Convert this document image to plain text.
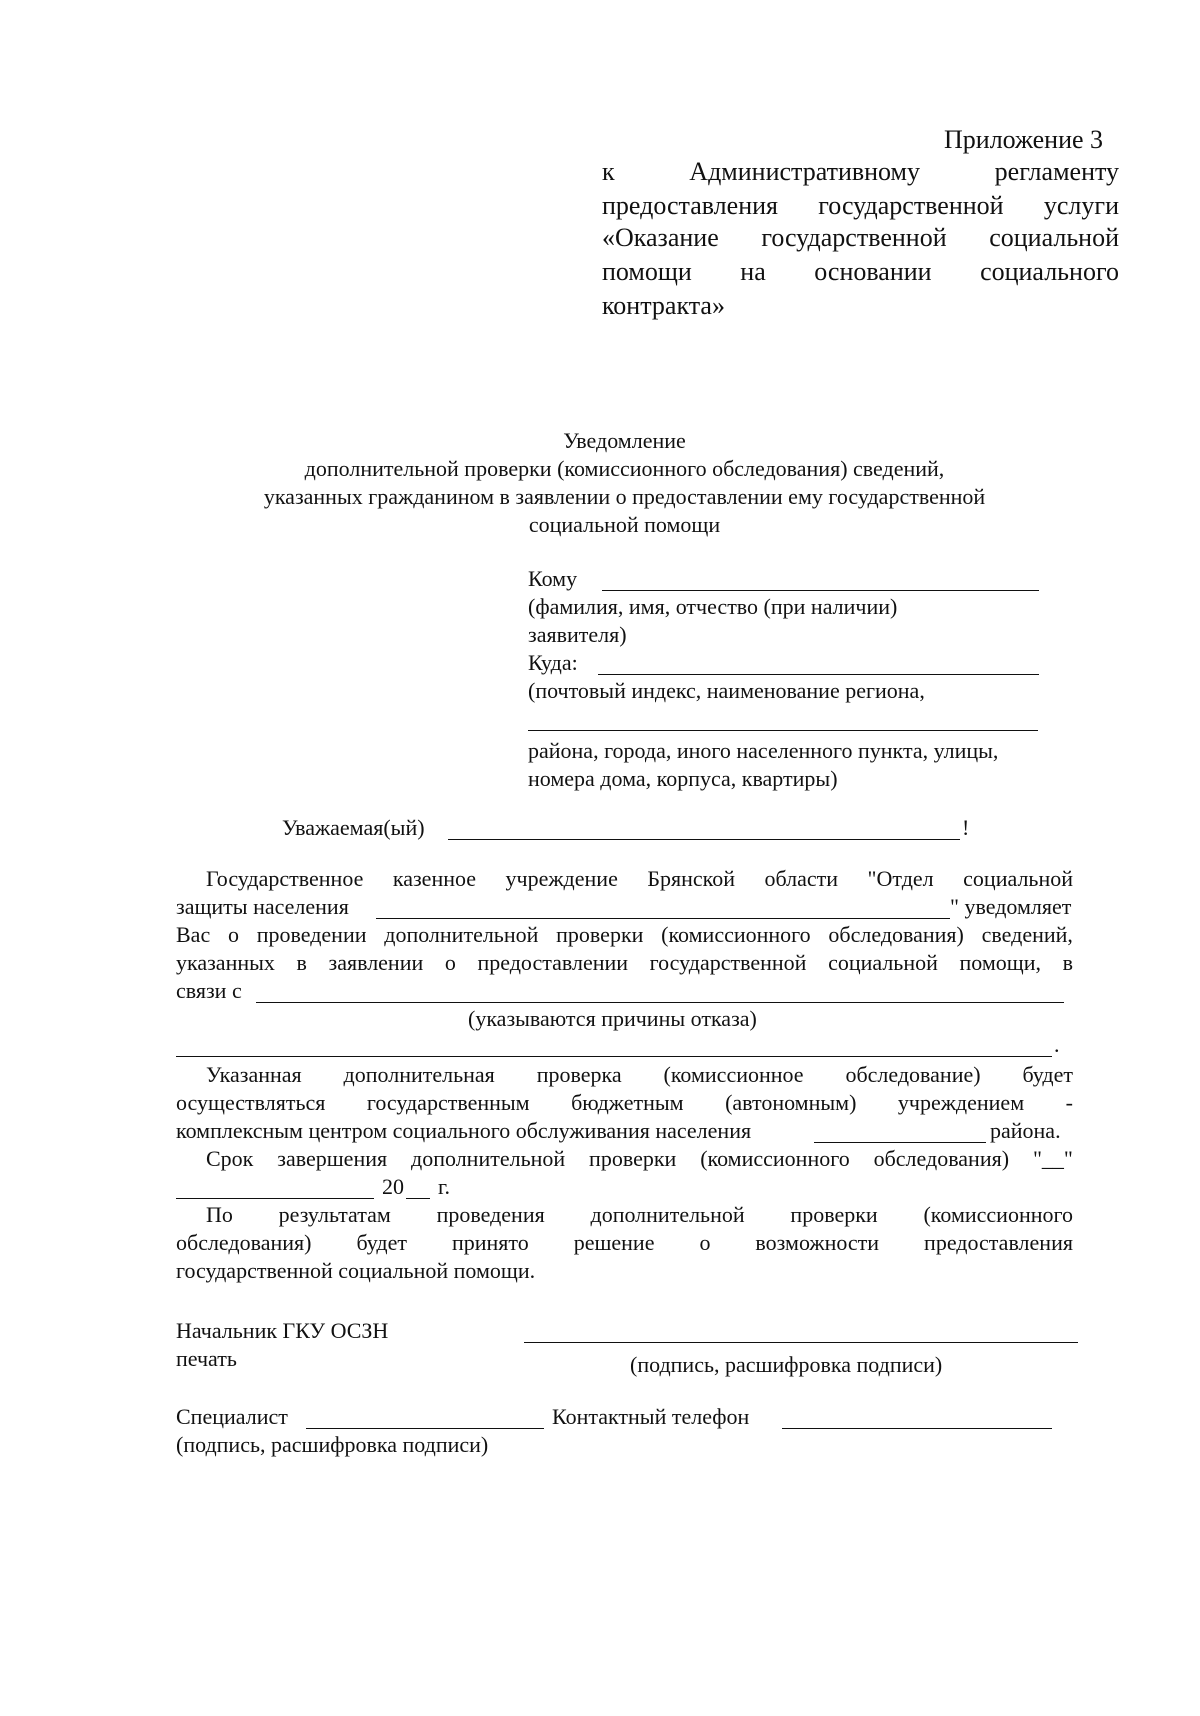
Приложение 3
к	Административному	регламенту
предоставления государственной услуги
«Оказание государственной социальной
помощи на основании социального
контракта»
Уведомление
дополнительной проверки (комиссионного обследования) сведений,
указанных гражданином в заявлении о предоставлении ему государственной
социальной помощи
Кому
(фамилия, имя, отчество (при наличии)
заявителя)
Куда:
(почтовый индекс, наименование региона,
района, города, иного населенного пункта, улицы,
номера дома, корпуса, квартиры)
Уважаемая(ый)	!
Государственное казенное учреждение Брянской области "Отдел социальной
защиты населения	" уведомляет
Вас о проведении дополнительной проверки (комиссионного обследования) сведений,
указанных в заявлении о предоставлении государственной социальной помощи, в
связи с
(указываются причины отказа)
.
Указанная дополнительная проверка (комиссионное обследование) будет
осуществляться государственным бюджетным (автономным) учреждением -
комплексным центром социального обслуживания населения	района.
Срок завершения дополнительной проверки (комиссионного обследования) "__"
20 г.
По результатам проведения дополнительной проверки (комиссионного
обследования) будет принято решение о возможности предоставления
государственной социальной помощи.
Начальник ГКУ ОСЗН
печать	(подпись, расшифровка подписи)
Специалист	Контактный телефон
(подпись, расшифровка подписи)
